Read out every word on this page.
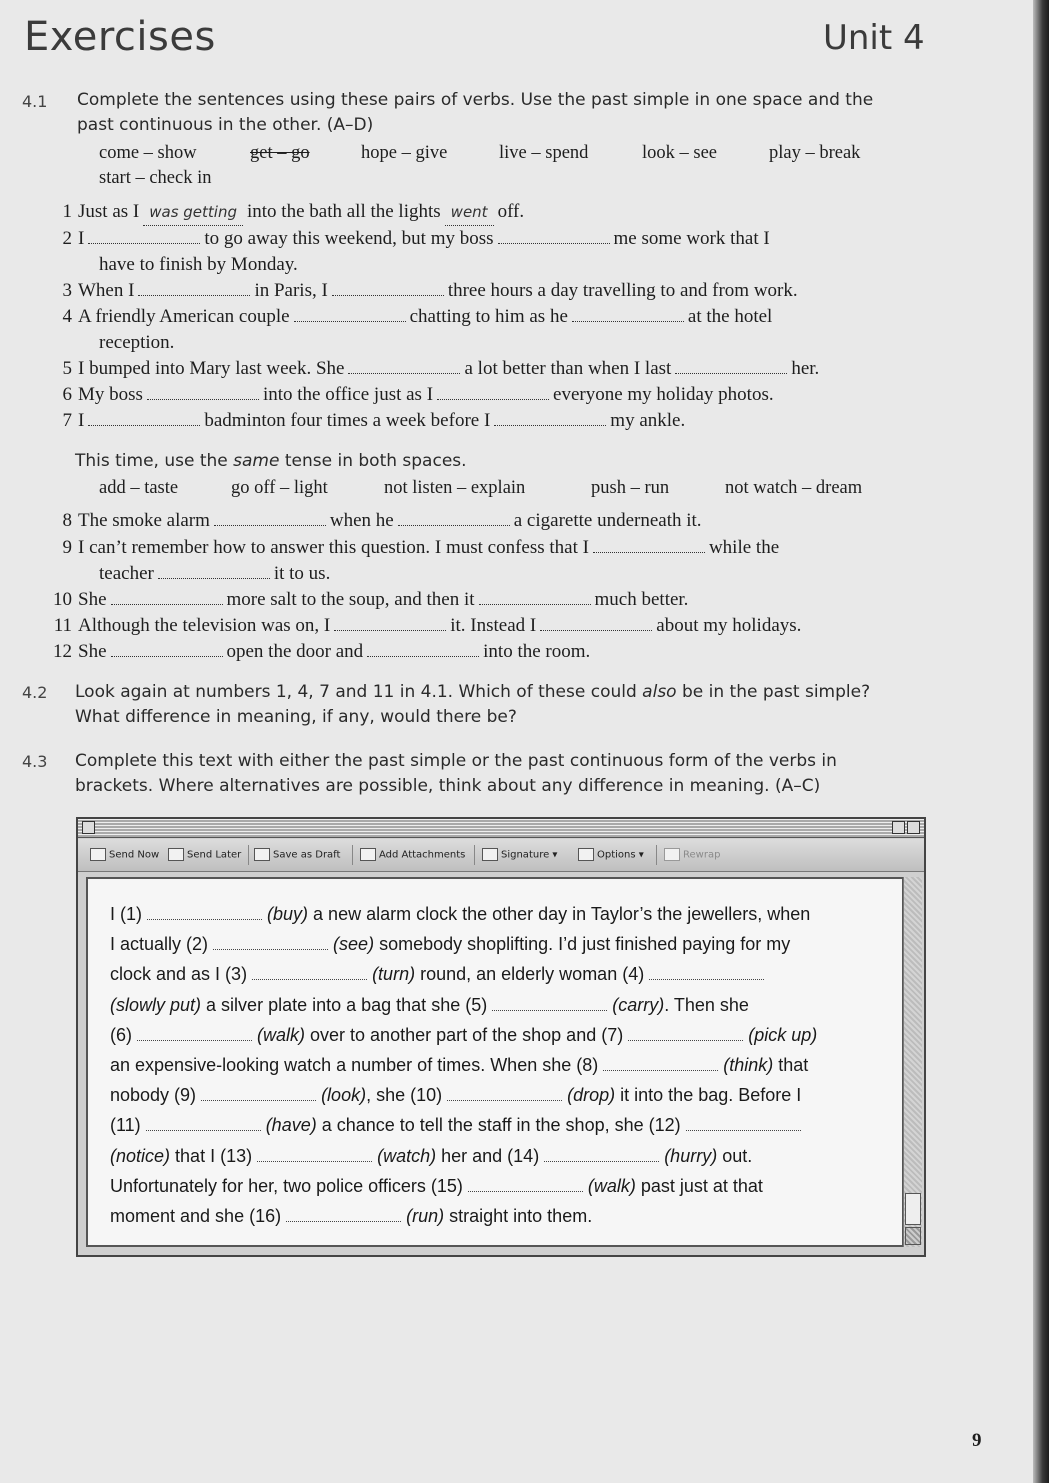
Exercises	Unit 4
4.1 Complete the sentences using these pairs of verbs. Use the past simple in one space and the
past continuous in the other. (A–D)
come – show	get – go	hope – give	live – spend	look – see	play – break
start – check in
1 Just as I was getting into the bath all the lights went off.
2 I	to go away this weekend, but my boss	me some work that I
have to finish by Monday.
3 When I	in Paris, I	three hours a day travelling to and from work.
4 A friendly American couple	chatting to him as he	at the hotel
reception.
5 I bumped into Mary last week. She	a lot better than when I last	her.
6 My boss	into the office just as I	everyone my holiday photos.
7 I	badminton four times a week before I	my ankle.
This time, use the same tense in both spaces.
add – taste	go off – light	not listen – explain	push – run	not watch – dream
8 The smoke alarm	when he	a cigarette underneath it.
9 I can’t remember how to answer this question. I must confess that I	while the
teacher	it to us.
10 She	more salt to the soup, and then it	much better.
11 Although the television was on, I	it. Instead I	about my holidays.
12 She	open the door and	into the room.
4.2 Look again at numbers 1, 4, 7 and 11 in 4.1. Which of these could also be in the past simple?
What difference in meaning, if any, would there be?
4.3 Complete this text with either the past simple or the past continuous form of the verbs in
brackets. Where alternatives are possible, think about any difference in meaning. (A–C)
Send Now	Send Later	Save as Draft	Add Attachments	Signature ▾	Options ▾	Rewrap
I (1)	(buy) a new alarm clock the other day in Taylor’s the jewellers, when
I actually (2)	(see) somebody shoplifting. I’d just finished paying for my
clock and as I (3)	(turn) round, an elderly woman (4)
(slowly put) a silver plate into a bag that she (5)	(carry). Then she
(6)	(walk) over to another part of the shop and (7)	(pick up)
an expensive-looking watch a number of times. When she (8)	(think) that
nobody (9)	(look), she (10)	(drop) it into the bag. Before I
(11)	(have) a chance to tell the staff in the shop, she (12)
(notice) that I (13)	(watch) her and (14)	(hurry) out.
Unfortunately for her, two police officers (15)	(walk) past just at that
moment and she (16)	(run) straight into them.
9
